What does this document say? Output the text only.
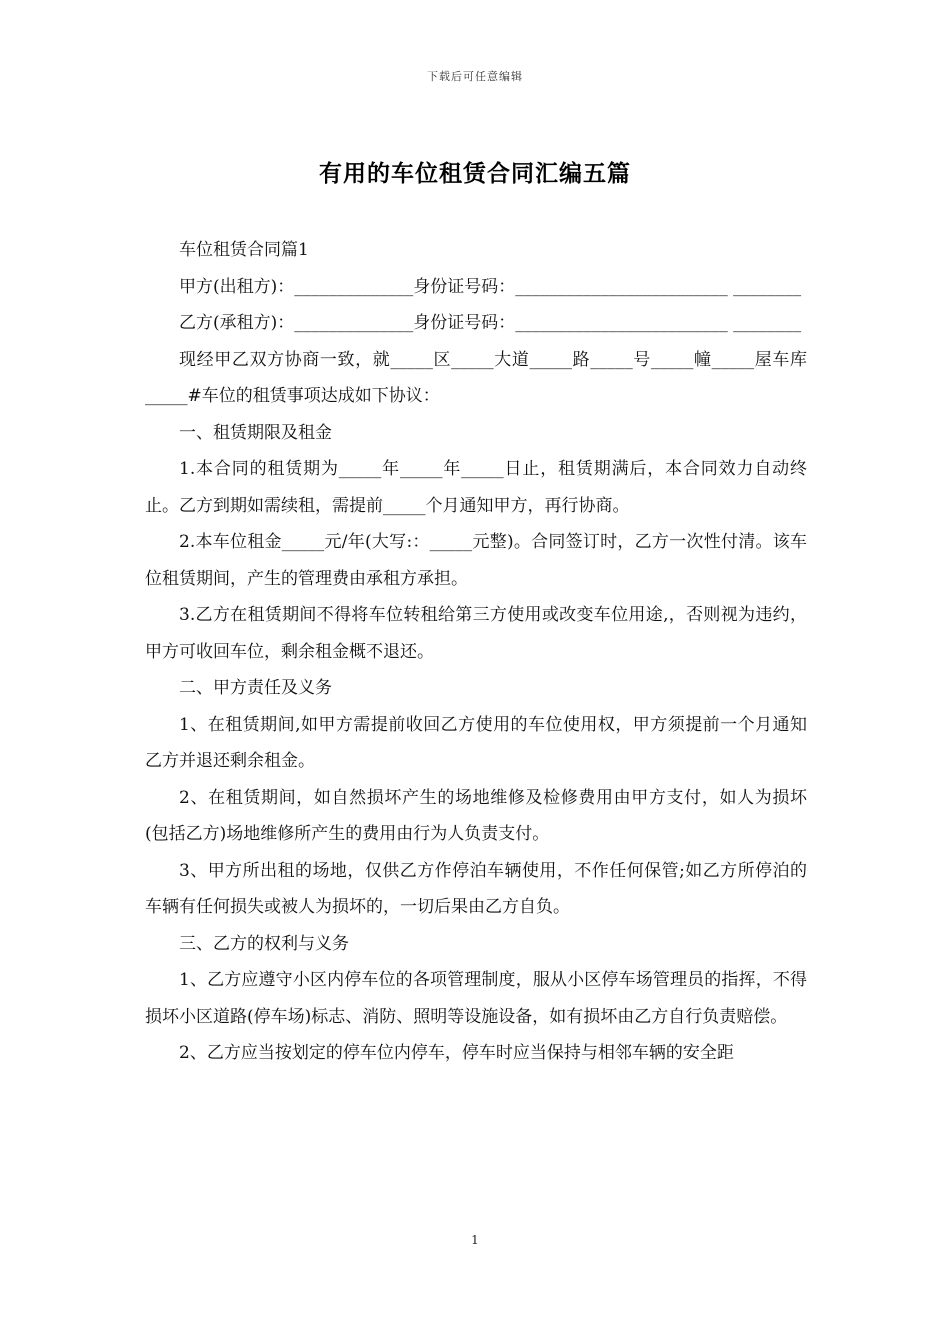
下载后可任意编辑
有用的车位租赁合同汇编五篇

车位租赁合同篇1

甲方(出租方)：______________身份证号码：_________________________ ________

乙方(承租方)：______________身份证号码：_________________________ ________

现经甲乙双方协商一致，就_____区_____大道_____路_____号_____幢_____屋车库_____#车位的租赁事项达成如下协议：

一、租赁期限及租金

1.本合同的租赁期为_____年_____年_____日止，租赁期满后，本合同效力自动终止。乙方到期如需续租，需提前_____个月通知甲方，再行协商。

2.本车位租金_____元/年(大写:：_____元整)。合同签订时，乙方一次性付清。该车位租赁期间，产生的管理费由承租方承担。

3.乙方在租赁期间不得将车位转租给第三方使用或改变车位用途,，否则视为违约，甲方可收回车位，剩余租金概不退还。

二、甲方责任及义务

1、在租赁期间,如甲方需提前收回乙方使用的车位使用权，甲方须提前一个月通知乙方并退还剩余租金。

2、在租赁期间，如自然损坏产生的场地维修及检修费用由甲方支付，如人为损坏(包括乙方)场地维修所产生的费用由行为人负责支付。

3、甲方所出租的场地，仅供乙方作停泊车辆使用，不作任何保管;如乙方所停泊的车辆有任何损失或被人为损坏的，一切后果由乙方自负。

三、乙方的权利与义务

1、乙方应遵守小区内停车位的各项管理制度，服从小区停车场管理员的指挥，不得损坏小区道路(停车场)标志、消防、照明等设施设备，如有损坏由乙方自行负责赔偿。

2、乙方应当按划定的停车位内停车，停车时应当保持与相邻车辆的安全距

1
